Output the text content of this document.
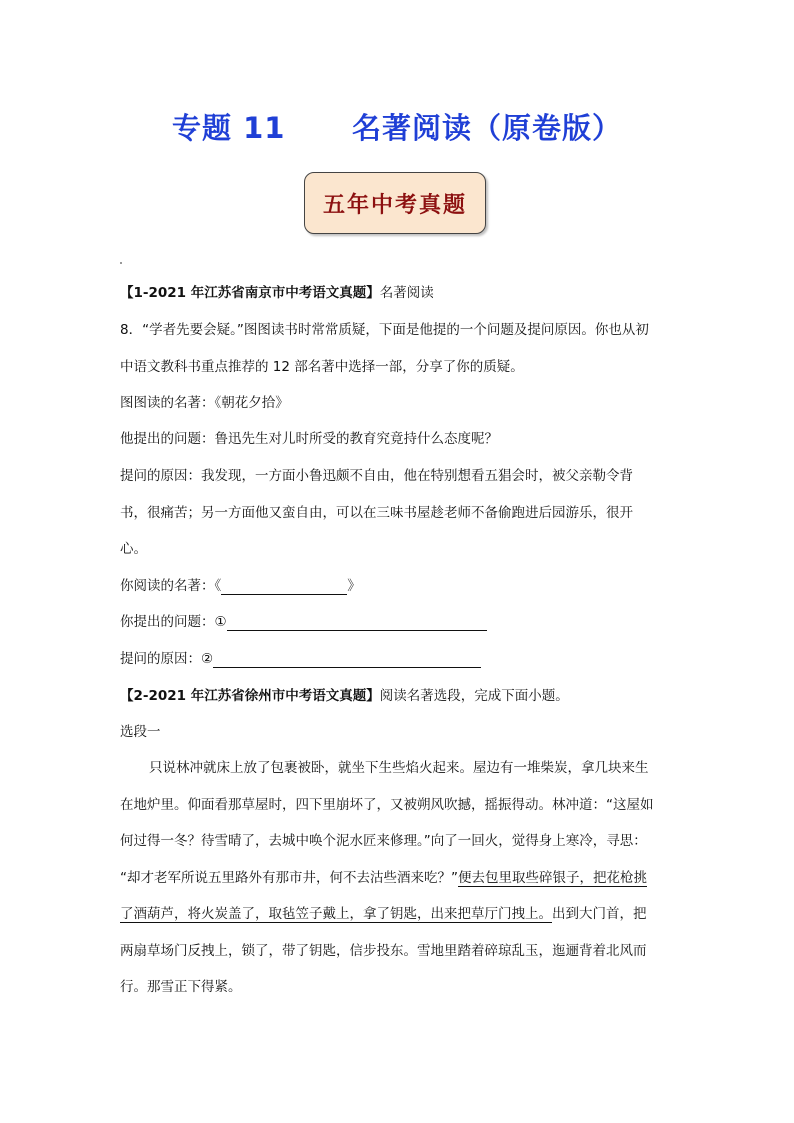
专题 11      名著阅读（原卷版）
五年中考真题
【1-2021 年江苏省南京市中考语文真题】名著阅读
8．“学者先要会疑。”图图读书时常常质疑，下面是他提的一个问题及提问原因。你也从初
中语文教科书重点推荐的 12 部名著中选择一部，分享了你的质疑。
图图读的名著：《朝花夕拾》
他提出的问题：鲁迅先生对儿时所受的教育究竟持什么态度呢？
提问的原因：我发现，一方面小鲁迅颇不自由，他在特别想看五猖会时，被父亲勒令背
书，很痛苦；另一方面他又蛮自由，可以在三味书屋趁老师不备偷跑进后园游乐，很开
心。
你阅读的名著：《	》
你提出的问题：①
提问的原因：②
【2-2021 年江苏省徐州市中考语文真题】阅读名著选段，完成下面小题。
选段一
只说林冲就床上放了包裹被卧，就坐下生些焰火起来。屋边有一堆柴炭，拿几块来生
在地炉里。仰面看那草屋时，四下里崩坏了，又被朔风吹撼，摇振得动。林冲道：“这屋如
何过得一冬？待雪晴了，去城中唤个泥水匠来修理。”向了一回火，觉得身上寒冷，寻思：
“却才老军所说五里路外有那市井，何不去沽些酒来吃？”便去包里取些碎银子，把花枪挑
了酒葫芦，将火炭盖了，取毡笠子戴上，拿了钥匙，出来把草厅门拽上。出到大门首，把
两扇草场门反拽上，锁了，带了钥匙，信步投东。雪地里踏着碎琼乱玉，迤逦背着北风而
行。那雪正下得紧。
